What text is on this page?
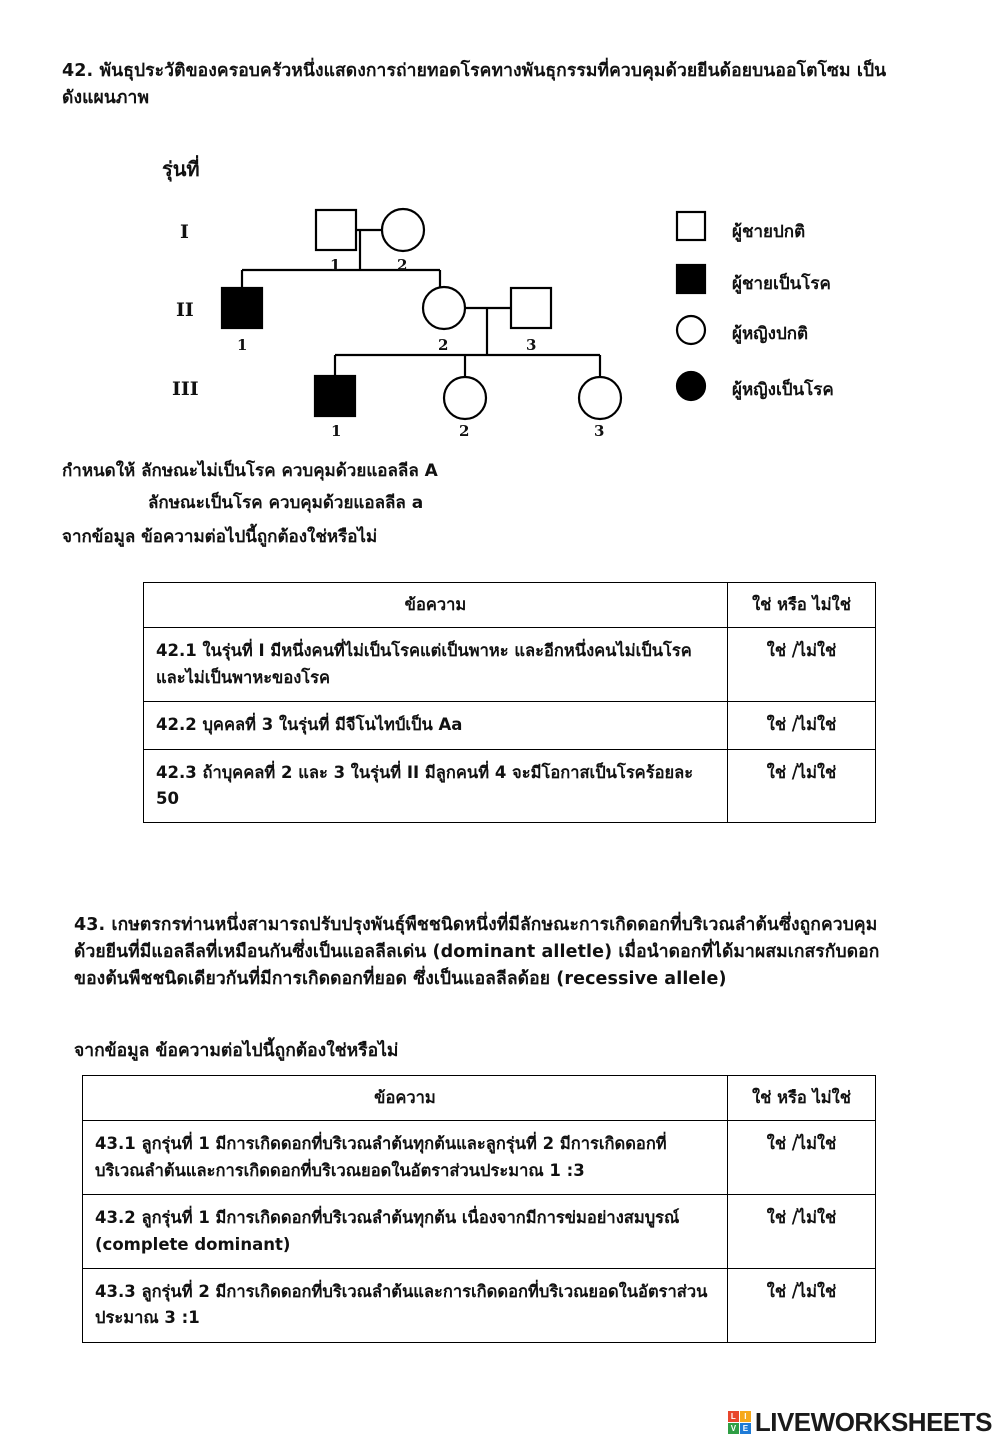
42. พันธุประวัติของครอบครัวหนึ่งแสดงการถ่ายทอดโรคทางพันธุกรรมที่ควบคุมด้วยยีนด้อยบนออโตโซม เป็นดังแผนภาพ
รุ่นที่
I
II
III
1	2
1	2	3
1	2	3
ผู้ชายปกติ
ผู้ชายเป็นโรค
ผู้หญิงปกติ
ผู้หญิงเป็นโรค
กำหนดให้ ลักษณะไม่เป็นโรค ควบคุมด้วยแอลลีล A
ลักษณะเป็นโรค ควบคุมด้วยแอลลีล a
จากข้อมูล ข้อความต่อไปนี้ถูกต้องใช่หรือไม่
ข้อความ	ใช่ หรือ ไม่ใช่
42.1 ในรุ่นที่ I มีหนึ่งคนที่ไม่เป็นโรคแต่เป็นพาหะ และอีกหนึ่งคนไม่เป็นโรคและไม่เป็นพาหะของโรค	ใช่ /ไม่ใช่
42.2 บุคคลที่ 3 ในรุ่นที่ มีจีโนไทป์เป็น Aa	ใช่ /ไม่ใช่
42.3 ถ้าบุคคลที่ 2 และ 3 ในรุ่นที่ II มีลูกคนที่ 4 จะมีโอกาสเป็นโรคร้อยละ 50	ใช่ /ไม่ใช่
43. เกษตรกรท่านหนึ่งสามารถปรับปรุงพันธุ์พืชชนิดหนึ่งที่มีลักษณะการเกิดดอกที่บริเวณลำต้นซึ่งถูกควบคุมด้วยยีนที่มีแอลลีลที่เหมือนกันซึ่งเป็นแอลลีลเด่น (dominant alletle) เมื่อนำดอกที่ได้มาผสมเกสรกับดอกของต้นพืชชนิดเดียวกันที่มีการเกิดดอกที่ยอด ซึ่งเป็นแอลลีลด้อย (recessive allele)
จากข้อมูล ข้อความต่อไปนี้ถูกต้องใช่หรือไม่
ข้อความ	ใช่ หรือ ไม่ใช่
43.1 ลูกรุ่นที่ 1 มีการเกิดดอกที่บริเวณลำต้นทุกต้นและลูกรุ่นที่ 2 มีการเกิดดอกที่บริเวณลำต้นและการเกิดดอกที่บริเวณยอดในอัตราส่วนประมาณ 1 :3	ใช่ /ไม่ใช่
43.2 ลูกรุ่นที่ 1 มีการเกิดดอกที่บริเวณลำต้นทุกต้น เนื่องจากมีการข่มอย่างสมบูรณ์ (complete dominant)	ใช่ /ไม่ใช่
43.3 ลูกรุ่นที่ 2 มีการเกิดดอกที่บริเวณลำต้นและการเกิดดอกที่บริเวณยอดในอัตราส่วนประมาณ 3 :1	ใช่ /ไม่ใช่
L	I
V E LIVEWORKSHEETS
